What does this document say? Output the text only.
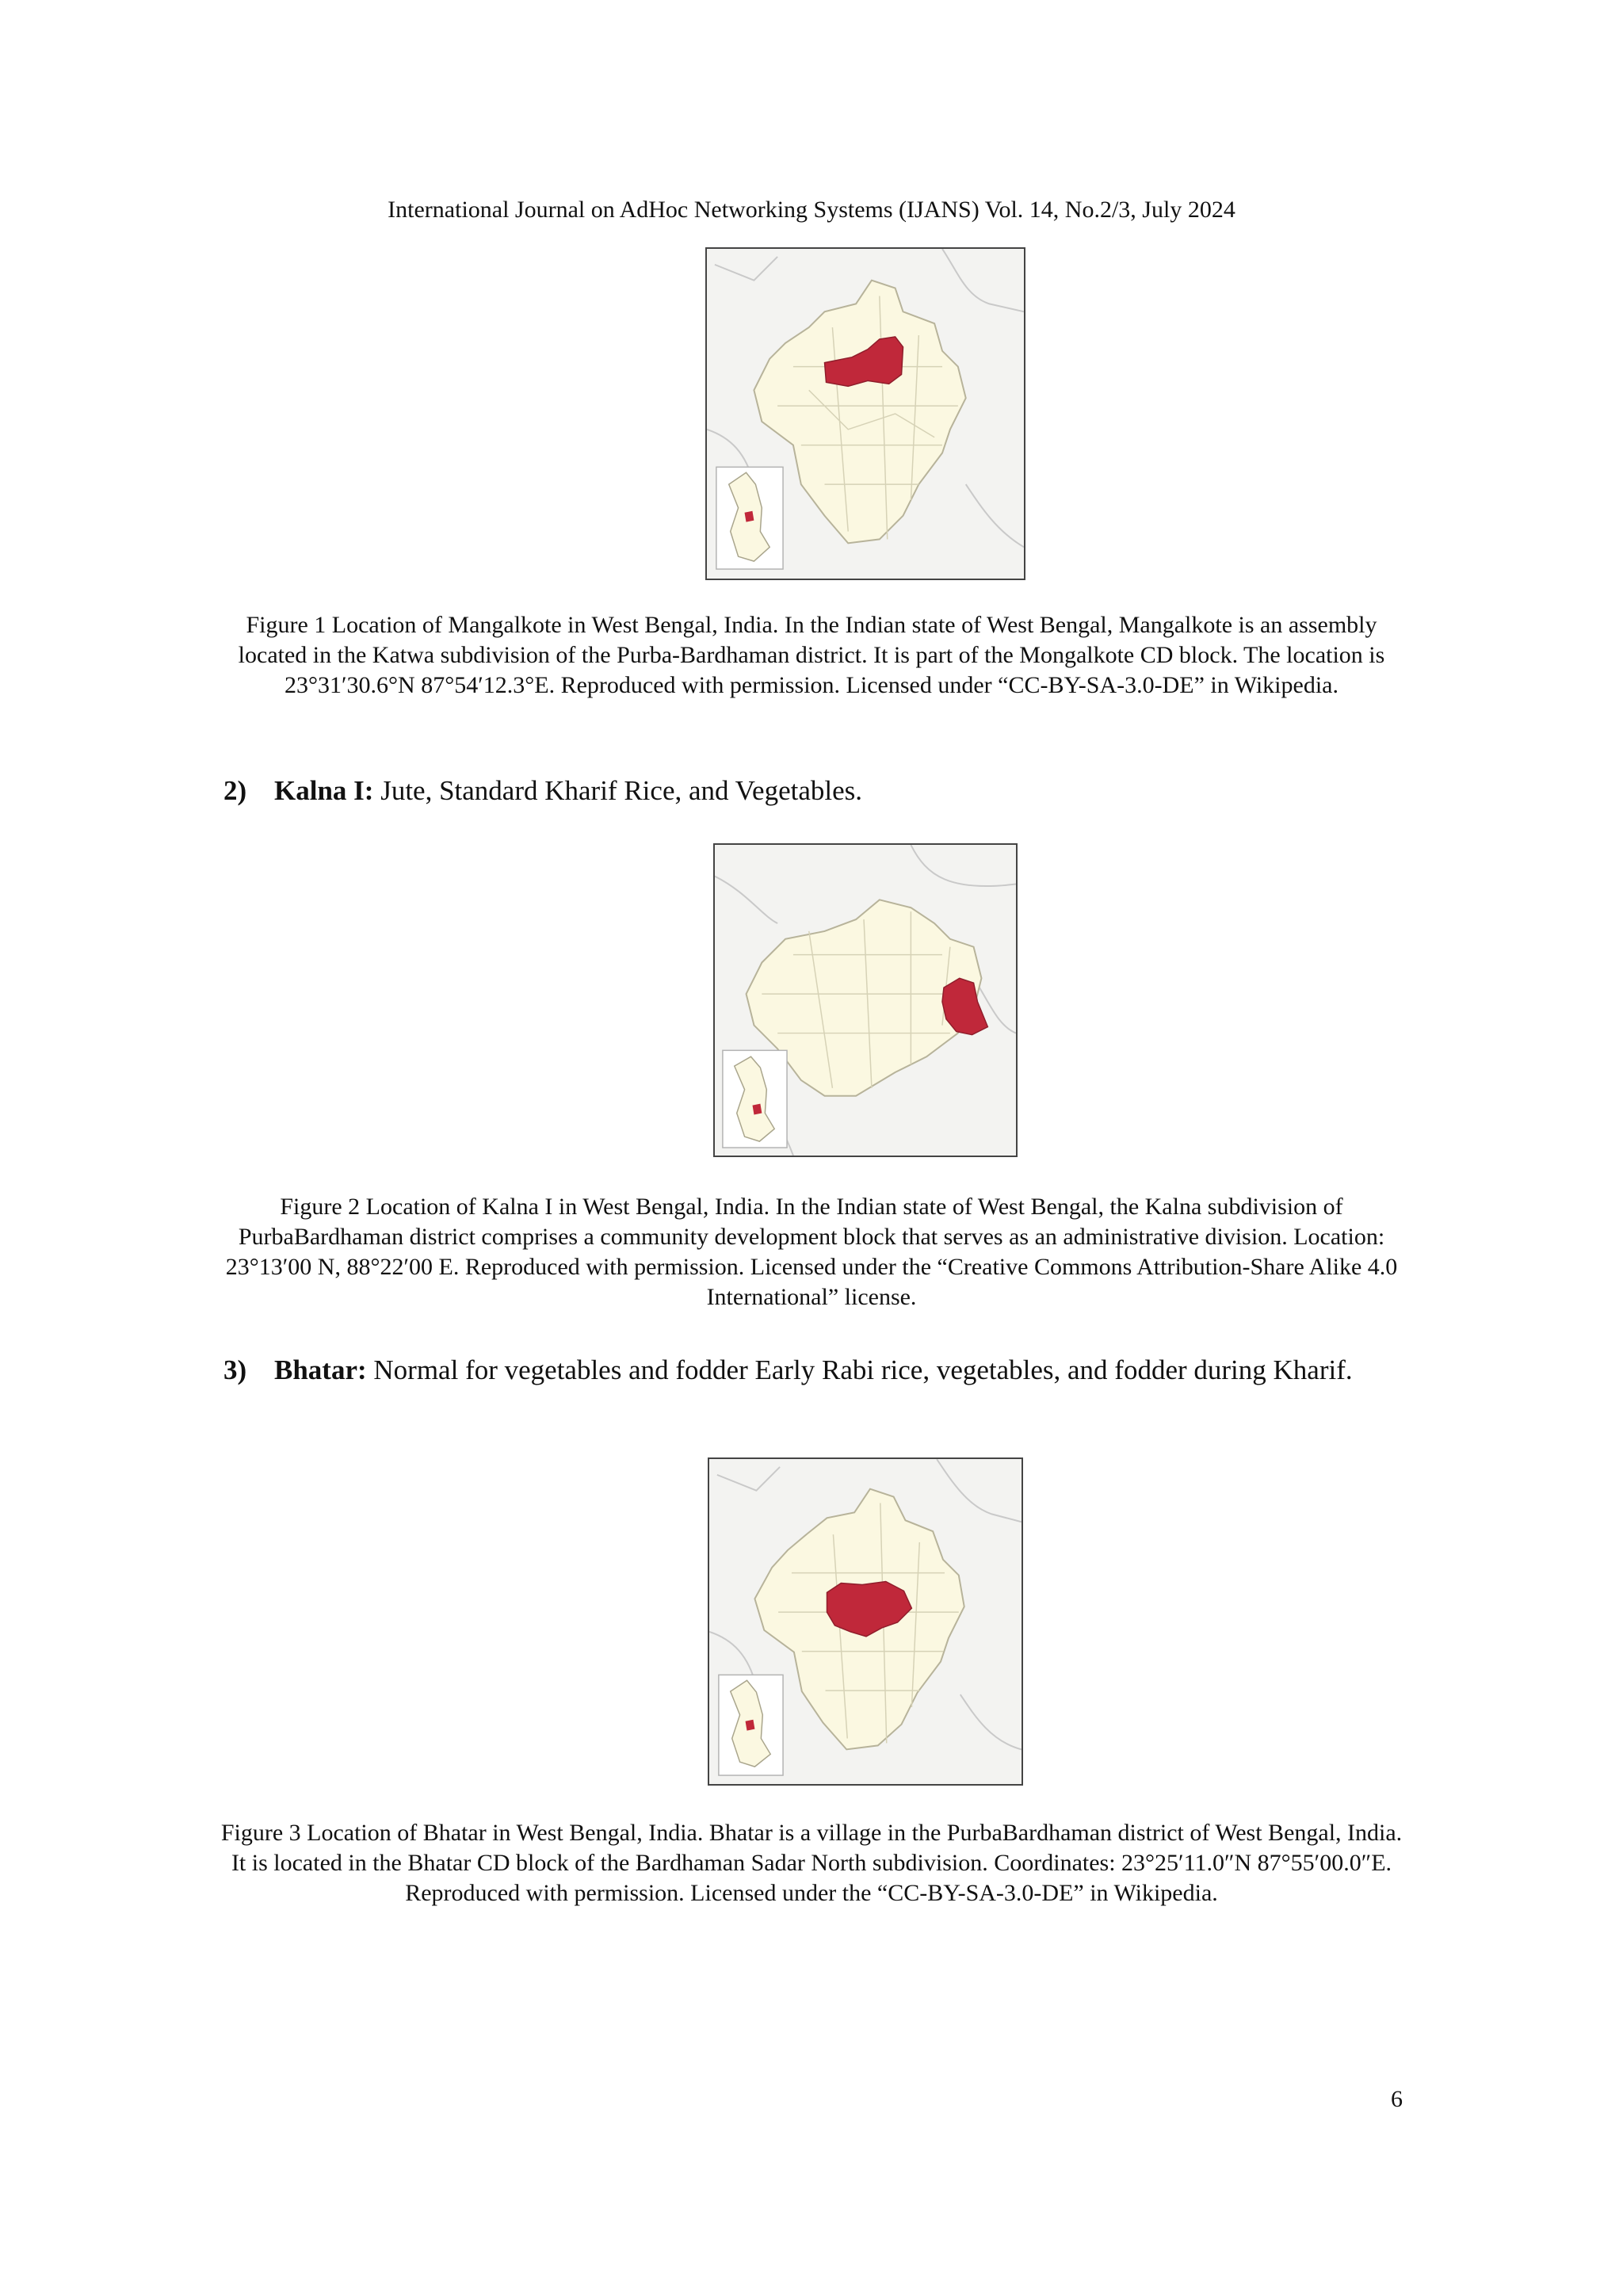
International Journal on AdHoc Networking Systems (IJANS) Vol. 14, No.2/3, July 2024
Figure 1 Location of Mangalkote in West Bengal, India. In the Indian state of West Bengal, Mangalkote is an assembly located in the Katwa subdivision of the Purba-Bardhaman district. It is part of the Mongalkote CD block. The location is 23°31′30.6°N 87°54′12.3°E. Reproduced with permission. Licensed under “CC-BY-SA-3.0-DE” in Wikipedia.
2) Kalna I: Jute, Standard Kharif Rice, and Vegetables.
Figure 2 Location of Kalna I in West Bengal, India. In the Indian state of West Bengal, the Kalna subdivision of PurbaBardhaman district comprises a community development block that serves as an administrative division. Location: 23°13′00 N, 88°22′00 E. Reproduced with permission. Licensed under the “Creative Commons Attribution-Share Alike 4.0 International” license.
3) Bhatar: Normal for vegetables and fodder Early Rabi rice, vegetables, and fodder during Kharif.
Figure 3 Location of Bhatar in West Bengal, India. Bhatar is a village in the PurbaBardhaman district of West Bengal, India. It is located in the Bhatar CD block of the Bardhaman Sadar North subdivision. Coordinates: 23°25′11.0″N 87°55′00.0″E. Reproduced with permission. Licensed under the “CC-BY-SA-3.0-DE” in Wikipedia.
6
